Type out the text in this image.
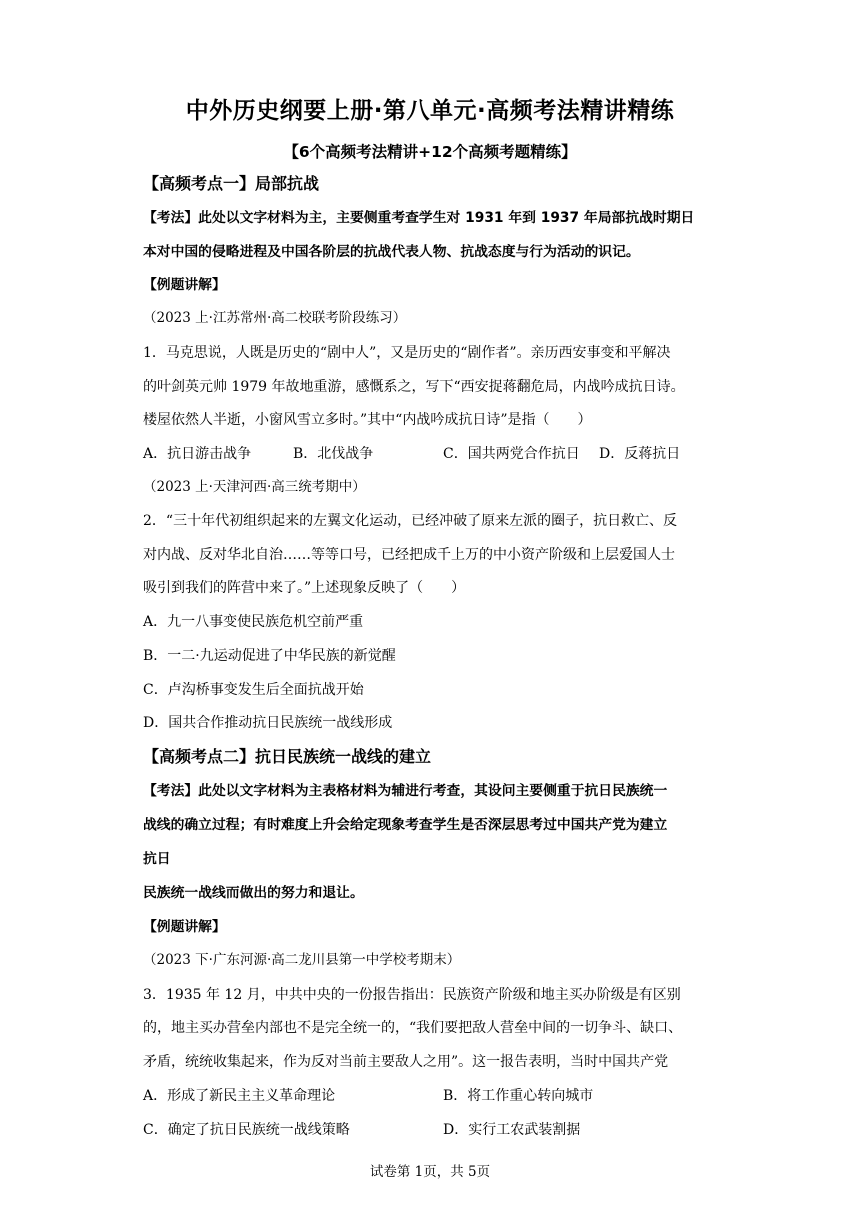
中外历史纲要上册·第八单元·高频考法精讲精练
【6个高频考法精讲+12个高频考题精练】
【高频考点一】局部抗战
【考法】此处以文字材料为主，主要侧重考查学生对 1931 年到 1937 年局部抗战时期日
本对中国的侵略进程及中国各阶层的抗战代表人物、抗战态度与行为活动的识记。
【例题讲解】
（2023 上·江苏常州·高二校联考阶段练习）
1．马克思说，人既是历史的“剧中人”，又是历史的“剧作者”。亲历西安事变和平解决
的叶剑英元帅 1979 年故地重游，感慨系之，写下“西安捉蒋翻危局，内战吟成抗日诗。
楼屋依然人半逝，小窗风雪立多时。”其中“内战吟成抗日诗”是指（　　）
A．抗日游击战争	B．北伐战争	C．国共两党合作抗日 D．反蒋抗日
（2023 上·天津河西·高三统考期中）
2．“三十年代初组织起来的左翼文化运动，已经冲破了原来左派的圈子，抗日救亡、反
对内战、反对华北自治……等等口号，已经把成千上万的中小资产阶级和上层爱国人士
吸引到我们的阵营中来了。”上述现象反映了（　　）
A．九一八事变使民族危机空前严重
B．一二·九运动促进了中华民族的新觉醒
C．卢沟桥事变发生后全面抗战开始
D．国共合作推动抗日民族统一战线形成
【高频考点二】抗日民族统一战线的建立
【考法】此处以文字材料为主表格材料为辅进行考查，其设问主要侧重于抗日民族统一
战线的确立过程；有时难度上升会给定现象考查学生是否深层思考过中国共产党为建立
抗日
民族统一战线而做出的努力和退让。
【例题讲解】
（2023 下·广东河源·高二龙川县第一中学校考期末）
3．1935 年 12 月，中共中央的一份报告指出：民族资产阶级和地主买办阶级是有区别
的，地主买办营垒内部也不是完全统一的，“我们要把敌人营垒中间的一切争斗、缺口、
矛盾，统统收集起来，作为反对当前主要敌人之用”。这一报告表明，当时中国共产党
A．形成了新民主主义革命理论	B．将工作重心转向城市
C．确定了抗日民族统一战线策略	D．实行工农武装割据
试卷第 1页，共 5页
